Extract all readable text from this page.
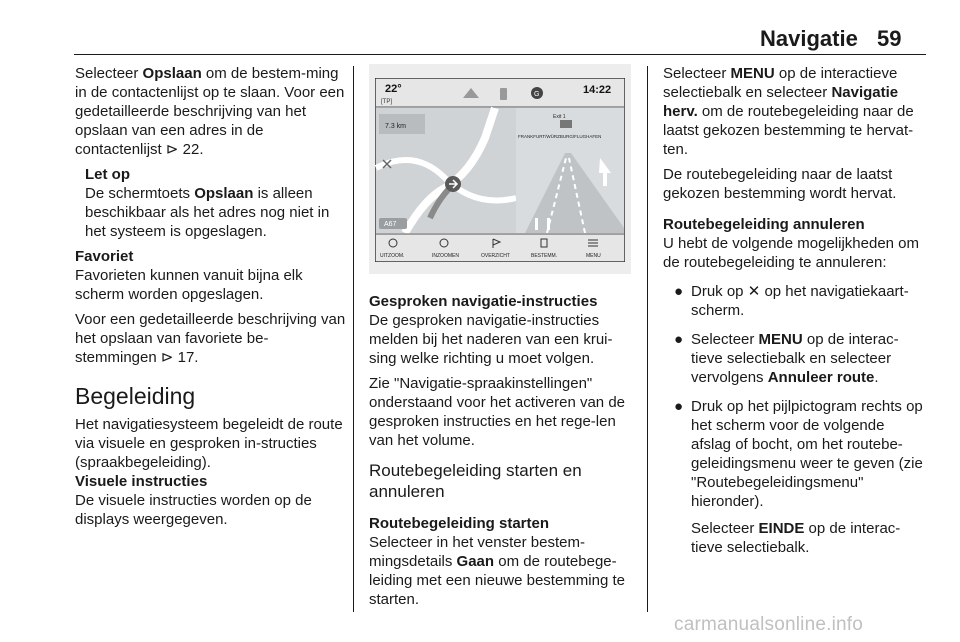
Navigatie 59

Selecteer Opslaan om de bestem-ming in de contactenlijst op te slaan. Voor een gedetailleerde beschrijving van het opslaan van een adres in de contactenlijst ⊳ 22.

Let op
De schermtoets Opslaan is alleen beschikbaar als het adres nog niet in het systeem is opgeslagen.

Favoriet

Favorieten kunnen vanuit bijna elk scherm worden opgeslagen.

Voor een gedetailleerde beschrijving van het opslaan van favoriete be-stemmingen ⊳ 17.

Begeleiding

Het navigatiesysteem begeleidt de route via visuele en gesproken in-structies (spraakbegeleiding).

Visuele instructies

De visuele instructies worden op de displays weergegeven.

22°
[TP]
G	14:22
7.3 km
A67
Exit 1
FRANKFURT/WÜRZBURG/FLUGHAFEN
UITZOOM.	INZOOMEN	OVERZICHT	BESTEMM.	MENU

Gesproken navigatie-instructies

De gesproken navigatie-instructies melden bij het naderen van een krui-sing welke richting u moet volgen.

Zie "Navigatie-spraakinstellingen" onderstaand voor het activeren van de gesproken instructies en het rege-len van het volume.

Routebegeleiding starten en annuleren

Routebegeleiding starten

Selecteer in het venster bestem-mingsdetails Gaan om de routebege-leiding met een nieuwe bestemming te starten.

Selecteer MENU op de interactieve selectiebalk en selecteer Navigatie herv. om de routebegeleiding naar de laatst gekozen bestemming te hervat-ten.

De routebegeleiding naar de laatst gekozen bestemming wordt hervat.

Routebegeleiding annuleren

U hebt de volgende mogelijkheden om de routebegeleiding te annuleren:

● Druk op ✕ op het navigatiekaart-scherm.
● Selecteer MENU op de interac-tieve selectiebalk en selecteer vervolgens Annuleer route.
● Druk op het pijlpictogram rechts op het scherm voor de volgende afslag of bocht, om het routebe-geleidingsmenu weer te geven (zie "Routebegeleidingsmenu" hieronder).
Selecteer EINDE op de interac-tieve selectiebalk.
carmanualsonline.info
